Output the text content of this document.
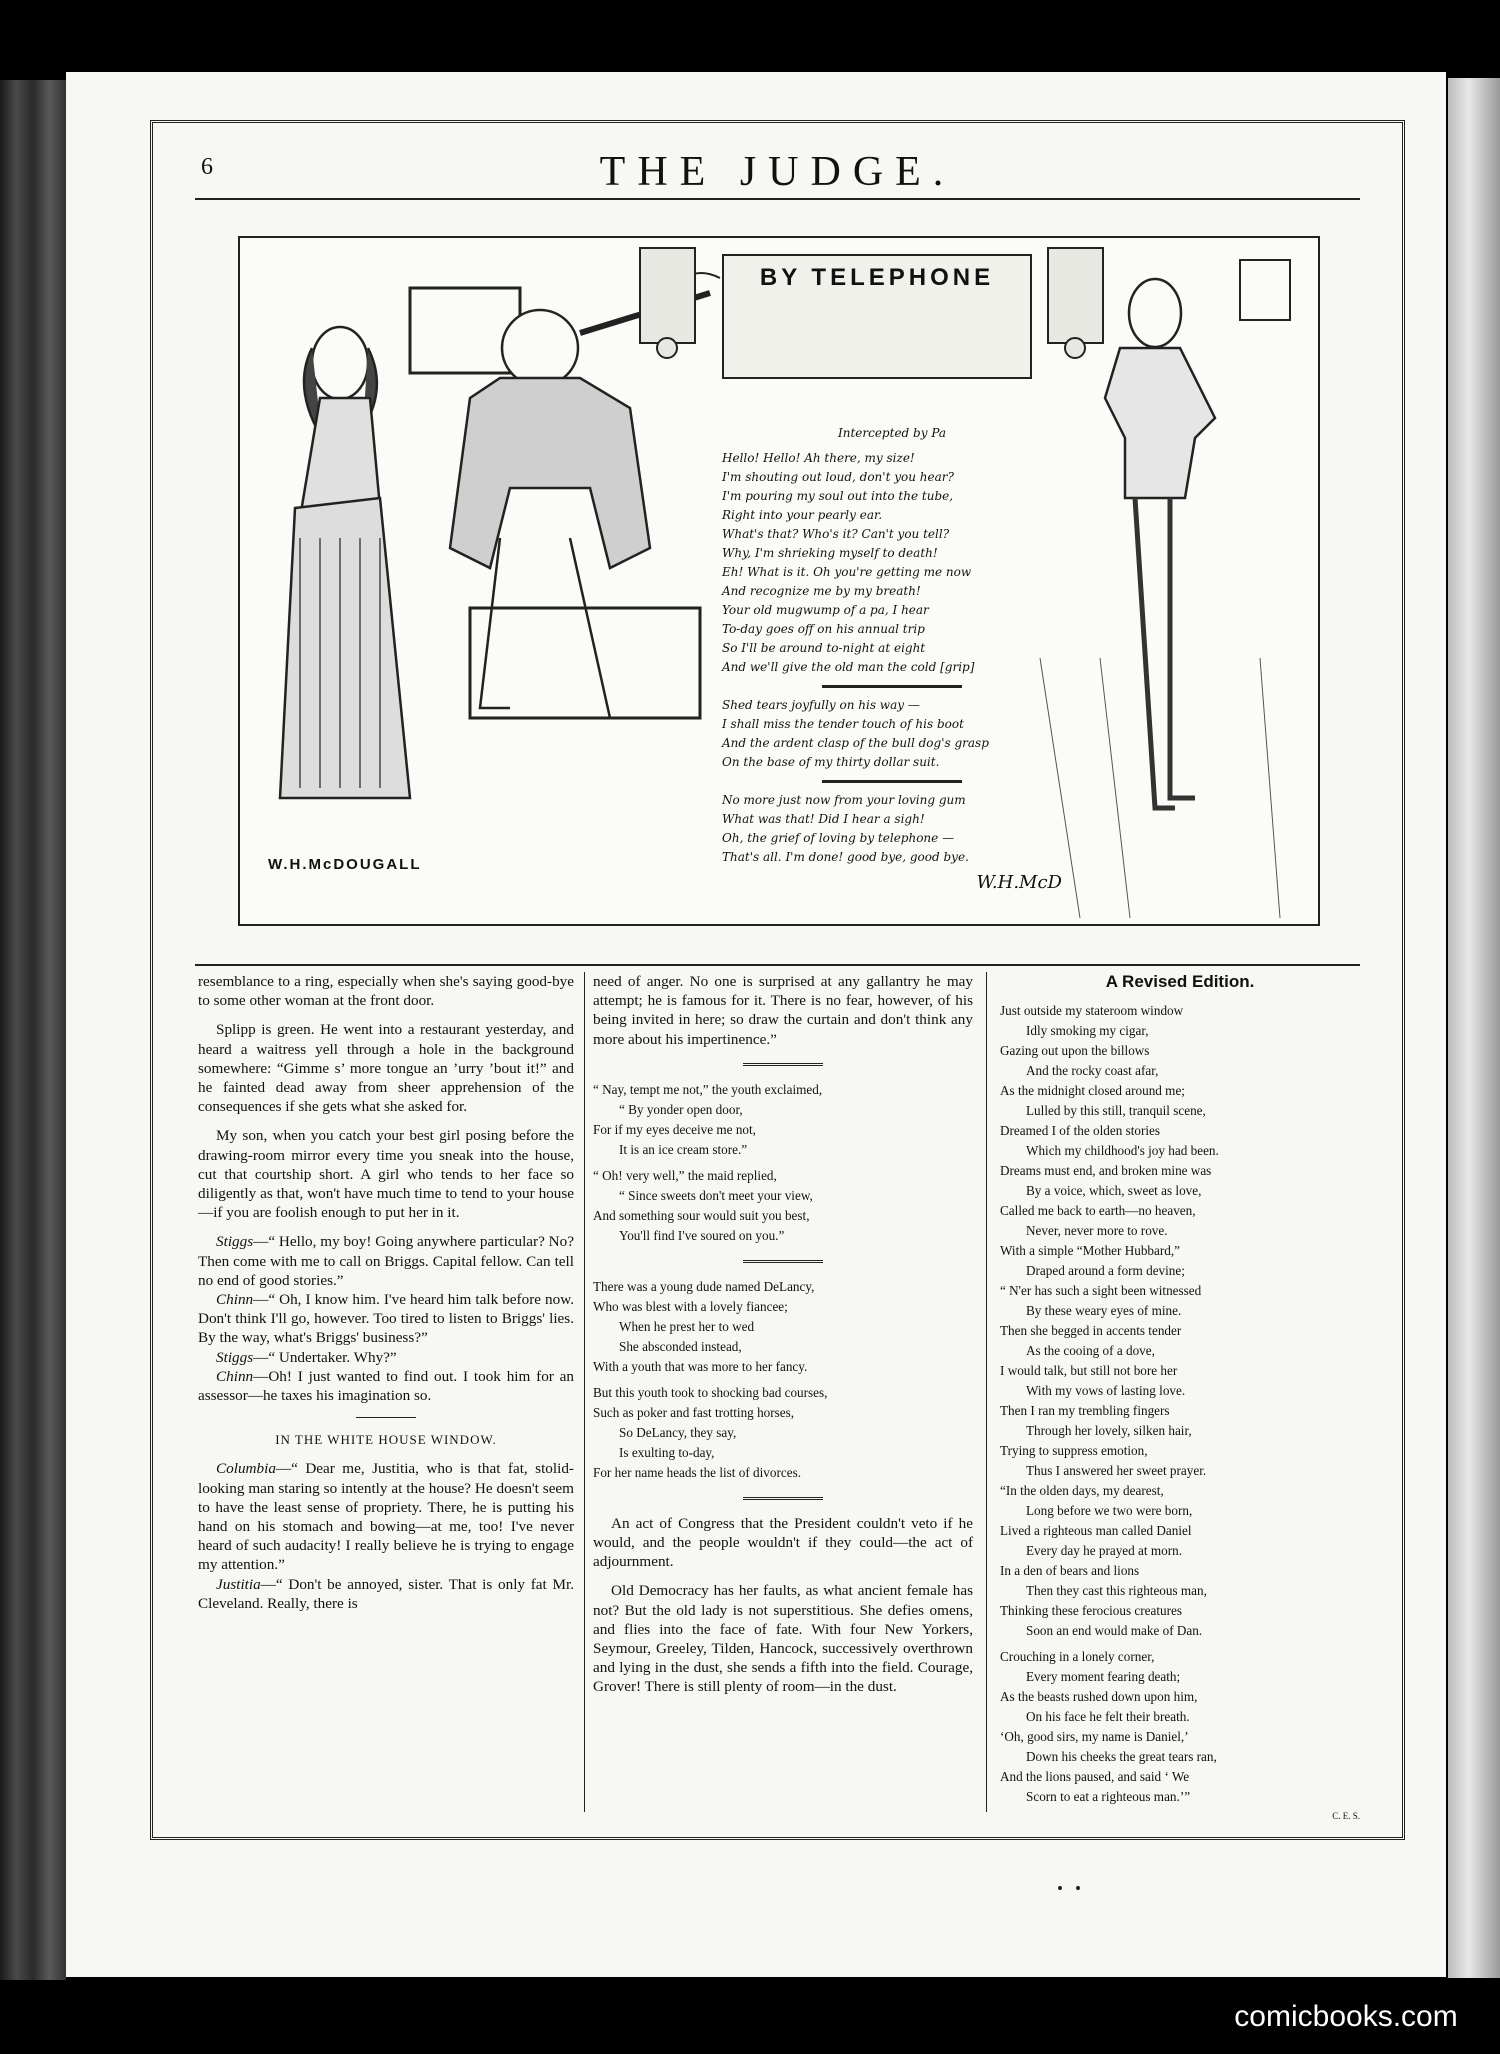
6	THE JUDGE.
W.H.McDOUGALL
BY TELEPHONE

Intercepted by Pa

Hello! Hello! Ah there, my size!

I'm shouting out loud, don't you hear?

I'm pouring my soul out into the tube,

Right into your pearly ear.

What's that? Who's it? Can't you tell?

Why, I'm shrieking myself to death!

Eh! What is it. Oh you're getting me now

And recognize me by my breath!

Your old mugwump of a pa, I hear

To-day goes off on his annual trip

So I'll be around to-night at eight

And we'll give the old man the cold [grip]

Shed tears joyfully on his way —

I shall miss the tender touch of his boot

And the ardent clasp of the bull dog's grasp

On the base of my thirty dollar suit.

No more just now from your loving gum

What was that! Did I hear a sigh!

Oh, the grief of loving by telephone —

That's all. I'm done! good bye, good bye.

W.H.McD

resemblance to a ring, especially when she's saying good-bye to some other woman at the front door.

Splipp is green. He went into a restaurant yesterday, and heard a waitress yell through a hole in the background somewhere: “Gimme s’ more tongue an ’urry ’bout it!” and he fainted dead away from sheer apprehension of the consequences if she gets what she asked for.

My son, when you catch your best girl posing before the drawing-room mirror every time you sneak into the house, cut that courtship short. A girl who tends to her face so diligently as that, won't have much time to tend to your house—if you are foolish enough to put her in it.

Stiggs—“ Hello, my boy! Going anywhere particular? No? Then come with me to call on Briggs. Capital fellow. Can tell no end of good stories.”

Chinn—“ Oh, I know him. I've heard him talk before now. Don't think I'll go, however. Too tired to listen to Briggs' lies. By the way, what's Briggs' business?”

Stiggs—“ Undertaker. Why?”

Chinn—Oh! I just wanted to find out. I took him for an assessor—he taxes his imagination so.

IN THE WHITE HOUSE WINDOW.

Columbia—“ Dear me, Justitia, who is that fat, stolid-looking man staring so intently at the house? He doesn't seem to have the least sense of propriety. There, he is putting his hand on his stomach and bowing—at me, too! I've never heard of such audacity! I really believe he is trying to engage my attention.”

Justitia—“ Don't be annoyed, sister. That is only fat Mr. Cleveland. Really, there is

need of anger. No one is surprised at any gallantry he may attempt; he is famous for it. There is no fear, however, of his being invited in here; so draw the curtain and don't think any more about his impertinence.”

“ Nay, tempt me not,” the youth exclaimed,

“ By yonder open door,

For if my eyes deceive me not,

It is an ice cream store.”

“ Oh! very well,” the maid replied,

“ Since sweets don't meet your view,

And something sour would suit you best,

You'll find I've soured on you.”

There was a young dude named DeLancy,

Who was blest with a lovely fiancee;

When he prest her to wed

She absconded instead,

With a youth that was more to her fancy.

But this youth took to shocking bad courses,

Such as poker and fast trotting horses,

So DeLancy, they say,

Is exulting to-day,

For her name heads the list of divorces.

An act of Congress that the President couldn't veto if he would, and the people wouldn't if they could—the act of adjournment.

Old Democracy has her faults, as what ancient female has not? But the old lady is not superstitious. She defies omens, and flies into the face of fate. With four New Yorkers, Seymour, Greeley, Tilden, Hancock, successively overthrown and lying in the dust, she sends a fifth into the field. Courage, Grover! There is still plenty of room—in the dust.

A Revised Edition.

Just outside my stateroom window

Idly smoking my cigar,

Gazing out upon the billows

And the rocky coast afar,

As the midnight closed around me;

Lulled by this still, tranquil scene,

Dreamed I of the olden stories

Which my childhood's joy had been.

Dreams must end, and broken mine was

By a voice, which, sweet as love,

Called me back to earth—no heaven,

Never, never more to rove.

With a simple “Mother Hubbard,”

Draped around a form devine;

“ N'er has such a sight been witnessed

By these weary eyes of mine.

Then she begged in accents tender

As the cooing of a dove,

I would talk, but still not bore her

With my vows of lasting love.

Then I ran my trembling fingers

Through her lovely, silken hair,

Trying to suppress emotion,

Thus I answered her sweet prayer.

“In the olden days, my dearest,

Long before we two were born,

Lived a righteous man called Daniel

Every day he prayed at morn.

In a den of bears and lions

Then they cast this righteous man,

Thinking these ferocious creatures

Soon an end would make of Dan.

Crouching in a lonely corner,

Every moment fearing death;

As the beasts rushed down upon him,

On his face he felt their breath.

‘Oh, good sirs, my name is Daniel,’

Down his cheeks the great tears ran,

And the lions paused, and said ‘ We

Scorn to eat a righteous man.’”

C. E. S.

comicbooks.com
